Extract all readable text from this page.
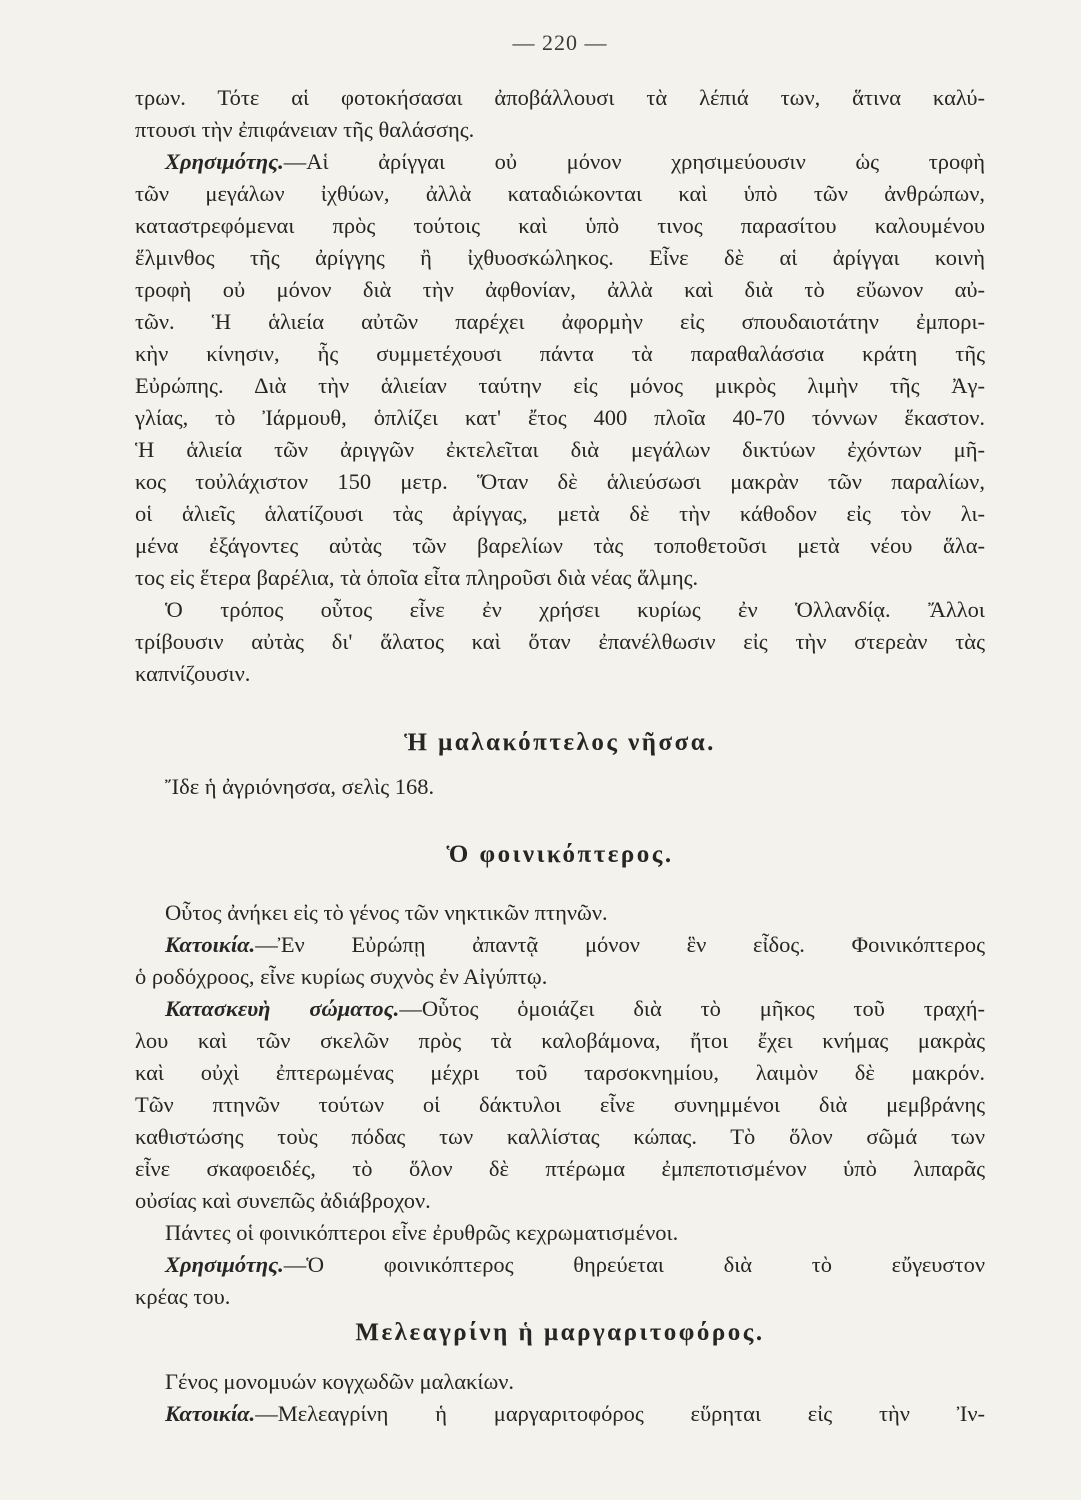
— 220 —
τρων. Τότε αἱ φοτοκήσασαι ἀποβάλλουσι τὰ λέπιά των, ἅτινα καλύ-
πτουσι τὴν ἐπιφάνειαν τῆς θαλάσσης.
Χρησιμότης.—Αἱ ἀρίγγαι οὐ μόνον χρησιμεύουσιν ὡς τροφὴ
τῶν μεγάλων ἰχθύων, ἀλλὰ καταδιώκονται καὶ ὑπὸ τῶν ἀνθρώπων,
καταστρεφόμεναι πρὸς τούτοις καὶ ὑπὸ τινος παρασίτου καλουμένου
ἕλμινθος τῆς ἀρίγγης ἢ ἰχθυοσκώληκος. Εἶνε δὲ αἱ ἀρίγγαι κοινὴ
τροφὴ οὐ μόνον διὰ τὴν ἀφθονίαν, ἀλλὰ καὶ διὰ τὸ εὔωνον αὐ-
τῶν. Ἡ ἁλιεία αὐτῶν παρέχει ἀφορμὴν εἰς σπουδαιοτάτην ἐμπορι-
κὴν κίνησιν, ἧς συμμετέχουσι πάντα τὰ παραθαλάσσια κράτη τῆς
Εὐρώπης. Διὰ τὴν ἁλιείαν ταύτην εἰς μόνος μικρὸς λιμὴν τῆς Ἀγ-
γλίας, τὸ Ἰάρμουθ, ὁπλίζει κατ' ἔτος 400 πλοῖα 40-70 τόννων ἕκαστον.
Ἡ ἁλιεία τῶν ἀριγγῶν ἐκτελεῖται διὰ μεγάλων δικτύων ἐχόντων μῆ-
κος τοὐλάχιστον 150 μετρ. Ὅταν δὲ ἁλιεύσωσι μακρὰν τῶν παραλίων,
οἱ ἁλιεῖς ἁλατίζουσι τὰς ἀρίγγας, μετὰ δὲ τὴν κάθοδον εἰς τὸν λι-
μένα ἐξάγοντες αὐτὰς τῶν βαρελίων τὰς τοποθετοῦσι μετὰ νέου ἅλα-
τος εἰς ἕτερα βαρέλια, τὰ ὁποῖα εἶτα πληροῦσι διὰ νέας ἅλμης.
Ὁ τρόπος οὗτος εἶνε ἐν χρήσει κυρίως ἐν Ὁλλανδίᾳ. Ἄλλοι
τρίβουσιν αὐτὰς δι' ἅλατος καὶ ὅταν ἐπανέλθωσιν εἰς τὴν στερεὰν τὰς
καπνίζουσιν.
Ἡ μαλακόπτελος νῆσσα.
Ἴδε ἡ ἀγριόνησσα, σελὶς 168.
Ὁ φοινικόπτερος.
Οὗτος ἀνήκει εἰς τὸ γένος τῶν νηκτικῶν πτηνῶν.
Κατοικία.—Ἐν Εὐρώπῃ ἀπαντᾷ μόνον ἓν εἶδος. Φοινικόπτερος
ὁ ροδόχροος, εἶνε κυρίως συχνὸς ἐν Αἰγύπτῳ.
Κατασκευὴ σώματος.—Οὗτος ὁμοιάζει διὰ τὸ μῆκος τοῦ τραχή-
λου καὶ τῶν σκελῶν πρὸς τὰ καλοβάμονα, ἤτοι ἔχει κνήμας μακρὰς
καὶ οὐχὶ ἐπτερωμένας μέχρι τοῦ ταρσοκνημίου, λαιμὸν δὲ μακρόν.
Τῶν πτηνῶν τούτων οἱ δάκτυλοι εἶνε συνημμένοι διὰ μεμβράνης
καθιστώσης τοὺς πόδας των καλλίστας κώπας. Τὸ ὅλον σῶμά των
εἶνε σκαφοειδές, τὸ ὅλον δὲ πτέρωμα ἐμπεποτισμένον ὑπὸ λιπαρᾶς
οὐσίας καὶ συνεπῶς ἀδιάβροχον.
Πάντες οἱ φοινικόπτεροι εἶνε ἐρυθρῶς κεχρωματισμένοι.
Χρησιμότης.—Ὁ φοινικόπτερος θηρεύεται διὰ τὸ εὔγευστον
κρέας του.
Μελεαγρίνη ἡ μαργαριτοφόρος.
Γένος μονομυών κογχωδῶν μαλακίων.
Κατοικία.—Μελεαγρίνη ἡ μαργαριτοφόρος εὕρηται εἰς τὴν Ἰν-
